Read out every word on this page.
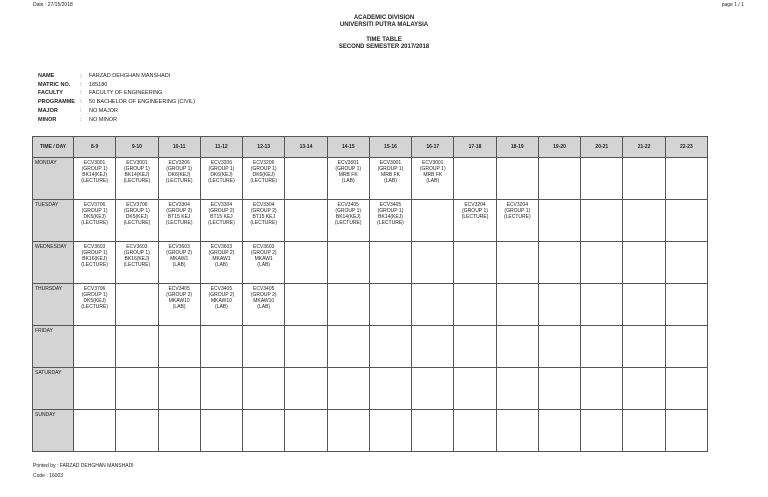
Date : 27/15/2018	page 1 / 1
ACADEMIC DIVISION
UNIVERSITI PUTRA MALAYSIA
TIME TABLE
SECOND SEMESTER 2017/2018
NAME	:	FARZAD DEHGHAN MANSHADI
MATRIC NO.	:	185180
FACULTY	:	FACULTY OF ENGINEERING
PROGRAMME :	50 BACHELOR OF ENGINEERING (CIVIL)
MAJOR	:	NO MAJOR
MINOR	:	NO MINOR
TIME / DAY	8-9	9-10	10-11	11-12	12-13	13-14	14-15	15-16	16-17	17-18	18-19	19-20	20-21	21-22	22-23
MONDAY	ECV3001
(GROUP 1)
BK14(KEJ)
(LECTURE)	ECV3001
(GROUP 1)
BK14(KEJ)
(LECTURE)	ECV3206
(GROUP 1)
DK6(KEJ)
(LECTURE)	ECV3206
(GROUP 1)
DK6(KEJ)
(LECTURE)	ECV3206
(GROUP 1)
DK6(KEJ)
(LECTURE)		ECV3001
(GROUP 1)
MRB FK
(LAB)	ECV3001
(GROUP 1)
MRB FK
(LAB)	ECV3001
(GROUP 1)
MRB FK
(LAB)						

TUESDAY	ECV3706
(GROUP 1)
DK5(KEJ)
(LECTURE)	ECV3706
(GROUP 1)
DK5(KEJ)
(LECTURE)	ECV3304
(GROUP 2)
BT15 KEJ
(LECTURE)	ECV3304
(GROUP 2)
BT15 KEJ
(LECTURE)	ECV3304
(GROUP 2)
BT15 KEJ
(LECTURE)		ECV3405
(GROUP 1)
BK14(KEJ)
(LECTURE)	ECV3405
(GROUP 1)
BK14(KEJ)
(LECTURE)		ECV3204
(GROUP 1)
(LECTURE)	ECV3204
(GROUP 1)
(LECTURE)				

WEDNESDAY	ECV3603
(GROUP 1)
BK16(KEJ)
(LECTURE)	ECV3603
(GROUP 1)
BK16(KEJ)
(LECTURE)	ECV3603
(GROUP 2)
MKAW1
(LAB)	ECV3603
(GROUP 2)
MKAW1
(LAB)	ECV3603
(GROUP 2)
MKAW1
(LAB)										

THURSDAY	ECV3706
(GROUP 1)
DK5(KEJ)
(LECTURE)		ECV3405
(GROUP 2)
MKAW10
(LAB)	ECV3405
(GROUP 2)
MKAW10
(LAB)	ECV3405
(GROUP 2)
MKAW10
(LAB)										

FRIDAY	

SATURDAY	

SUNDAY	

Printed by : FARZAD DEHGHAN MANSHADI
Code : 16003
